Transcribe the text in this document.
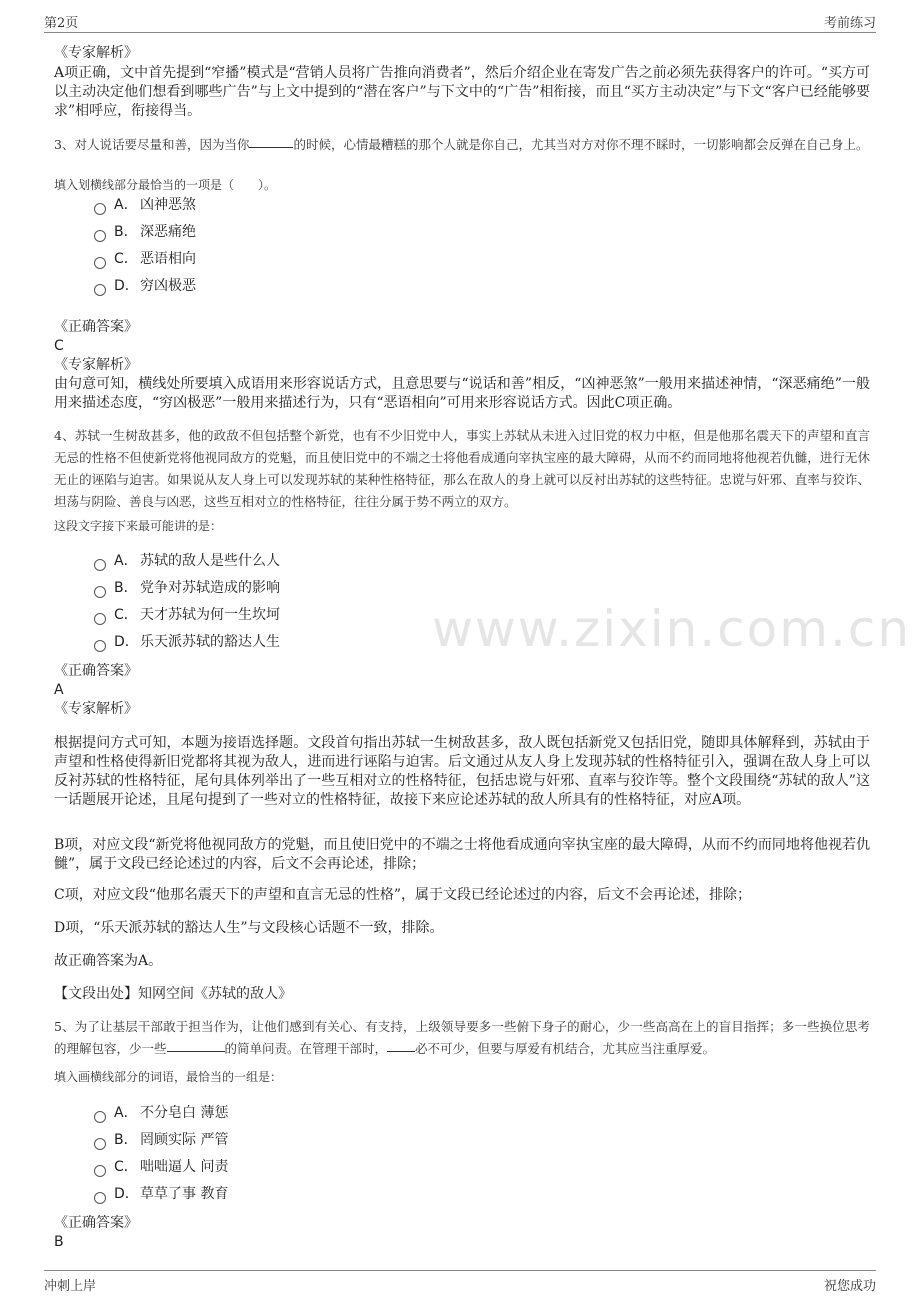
第2页	考前练习
www.zixin.com.cn
《专家解析》
A项正确，文中首先提到“窄播”模式是“营销人员将广告推向消费者”，然后介绍企业在寄发广告之前必须先获得客户的许可。“买方可以主动决定他们想看到哪些广告”与上文中提到的“潜在客户”与下文中的“广告”相衔接，而且“买方主动决定”与下文“客户已经能够要求”相呼应，衔接得当。
3、对人说话要尽量和善，因为当你	的时候，心情最糟糕的那个人就是你自己，尤其当对方对你不理不睬时，一切影响都会反弹在自己身上。
填入划横线部分最恰当的一项是（　　）。
A． 凶神恶煞
B． 深恶痛绝
C． 恶语相向
D．穷凶极恶
《正确答案》
C
《专家解析》
由句意可知，横线处所要填入成语用来形容说话方式，且意思要与“说话和善”相反，“凶神恶煞”一般用来描述神情，“深恶痛绝”一般用来描述态度，“穷凶极恶”一般用来描述行为，只有“恶语相向”可用来形容说话方式。因此C项正确。
4、苏轼一生树敌甚多，他的政敌不但包括整个新党，也有不少旧党中人，事实上苏轼从未进入过旧党的权力中枢，但是他那名震天下的声望和直言无忌的性格不但使新党将他视同敌方的党魁，而且使旧党中的不端之士将他看成通向宰执宝座的最大障碍，从而不约而同地将他视若仇雠，进行无休无止的诬陷与迫害。如果说从友人身上可以发现苏轼的某种性格特征，那么在敌人的身上就可以反衬出苏轼的这些特征。忠谠与奸邪、直率与狡诈、坦荡与阴险、善良与凶恶，这些互相对立的性格特征，往往分属于势不两立的双方。
这段文字接下来最可能讲的是：
A． 苏轼的敌人是些什么人
B． 党争对苏轼造成的影响
C． 天才苏轼为何一生坎坷
D．乐天派苏轼的豁达人生
《正确答案》
A
《专家解析》
根据提问方式可知，本题为接语选择题。文段首句指出苏轼一生树敌甚多，敌人既包括新党又包括旧党，随即具体解释到，苏轼由于声望和性格使得新旧党都将其视为敌人，进而进行诬陷与迫害。后文通过从友人身上发现苏轼的性格特征引入，强调在敌人身上可以反衬苏轼的性格特征，尾句具体列举出了一些互相对立的性格特征，包括忠谠与奸邪、直率与狡诈等。整个文段围绕“苏轼的敌人”这一话题展开论述，且尾句提到了一些对立的性格特征，故接下来应论述苏轼的敌人所具有的性格特征，对应A项。
B项，对应文段“新党将他视同敌方的党魁，而且使旧党中的不端之士将他看成通向宰执宝座的最大障碍，从而不约而同地将他视若仇雠”，属于文段已经论述过的内容，后文不会再论述，排除；
C项，对应文段“他那名震天下的声望和直言无忌的性格”，属于文段已经论述过的内容，后文不会再论述，排除；
D项，“乐天派苏轼的豁达人生”与文段核心话题不一致，排除。
故正确答案为A。
【文段出处】知网空间《苏轼的敌人》
5、为了让基层干部敢于担当作为，让他们感到有关心、有支持，上级领导要多一些俯下身子的耐心，少一些高高在上的盲目指挥；多一些换位思考的理解包容，少一些	的简单问责。在管理干部时， 必不可少，但要与厚爱有机结合，尤其应当注重厚爱。
填入画横线部分的词语，最恰当的一组是：
A． 不分皂白 薄惩
B． 罔顾实际 严管
C． 咄咄逼人 问责
D．草草了事 教育
《正确答案》
B
冲刺上岸	祝您成功
